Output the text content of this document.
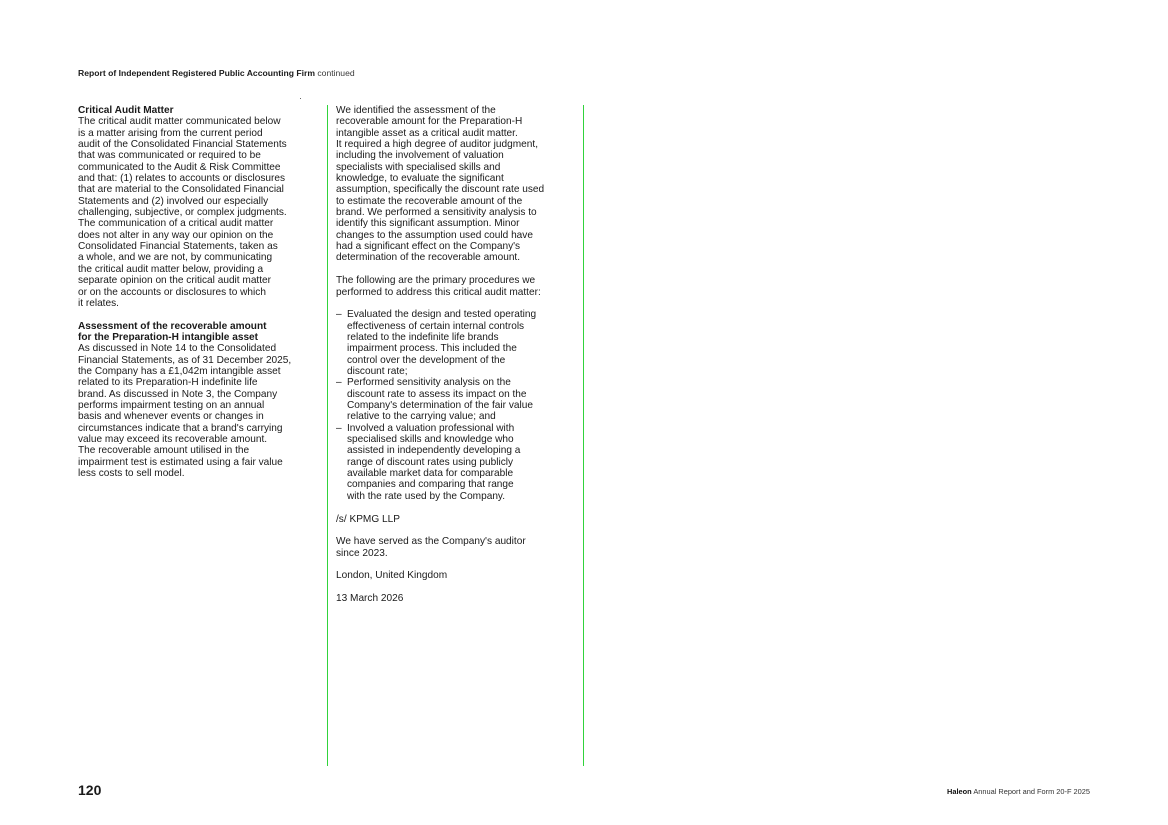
Report of Independent Registered Public Accounting Firm continued

Critical Audit Matter

The critical audit matter communicated below
is a matter arising from the current period
audit of the Consolidated Financial Statements
that was communicated or required to be
communicated to the Audit & Risk Committee
and that: (1) relates to accounts or disclosures
that are material to the Consolidated Financial
Statements and (2) involved our especially
challenging, subjective, or complex judgments.
The communication of a critical audit matter
does not alter in any way our opinion on the
Consolidated Financial Statements, taken as
a whole, and we are not, by communicating
the critical audit matter below, providing a
separate opinion on the critical audit matter
or on the accounts or disclosures to which
it relates.
Assessment of the recoverable amount
for the Preparation-H intangible asset
As discussed in Note 14 to the Consolidated
Financial Statements, as of 31 December 2025,
the Company has a £1,042m intangible asset
related to its Preparation-H indefinite life
brand. As discussed in Note 3, the Company
performs impairment testing on an annual
basis and whenever events or changes in
circumstances indicate that a brand's carrying
value may exceed its recoverable amount.
The recoverable amount utilised in the
impairment test is estimated using a fair value
less costs to sell model.
We identified the assessment of the
recoverable amount for the Preparation-H
intangible asset as a critical audit matter.
It required a high degree of auditor judgment,
including the involvement of valuation
specialists with specialised skills and
knowledge, to evaluate the significant
assumption, specifically the discount rate used
to estimate the recoverable amount of the
brand. We performed a sensitivity analysis to
identify this significant assumption. Minor
changes to the assumption used could have
had a significant effect on the Company's
determination of the recoverable amount.
The following are the primary procedures we
performed to address this critical audit matter:
– Evaluated the design and tested operating
effectiveness of certain internal controls
related to the indefinite life brands
impairment process. This included the
control over the development of the
discount rate;
– Performed sensitivity analysis on the
discount rate to assess its impact on the
Company's determination of the fair value
relative to the carrying value; and
– Involved a valuation professional with
specialised skills and knowledge who
assisted in independently developing a
range of discount rates using publicly
available market data for comparable
companies and comparing that range
with the rate used by the Company.

/s/ KPMG LLP

We have served as the Company's auditor
since 2023.

London, United Kingdom

13 March 2026

120	Haleon Annual Report and Form 20-F 2025
